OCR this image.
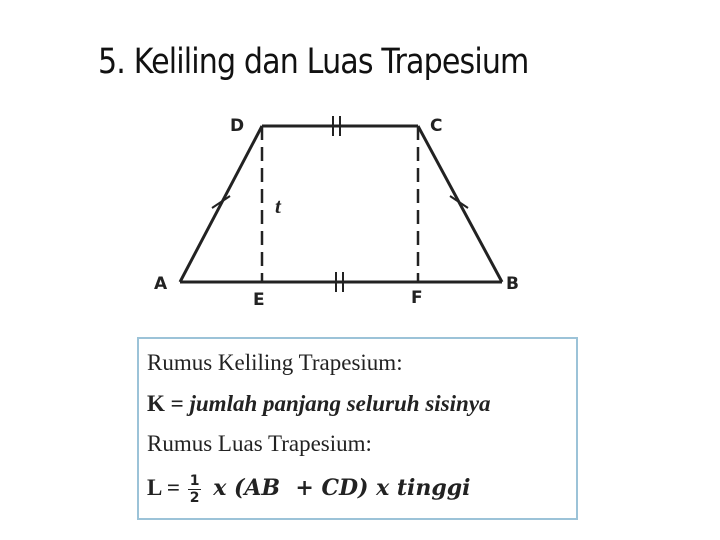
5. Keliling dan Luas Trapesium
D	C
A	B
E	F
t
Rumus Keliling Trapesium:
K = jumlah panjang seluruh sisinya
Rumus Luas Trapesium:
$L = \frac{1}{2}$ x (AB  + CD) x tinggi
